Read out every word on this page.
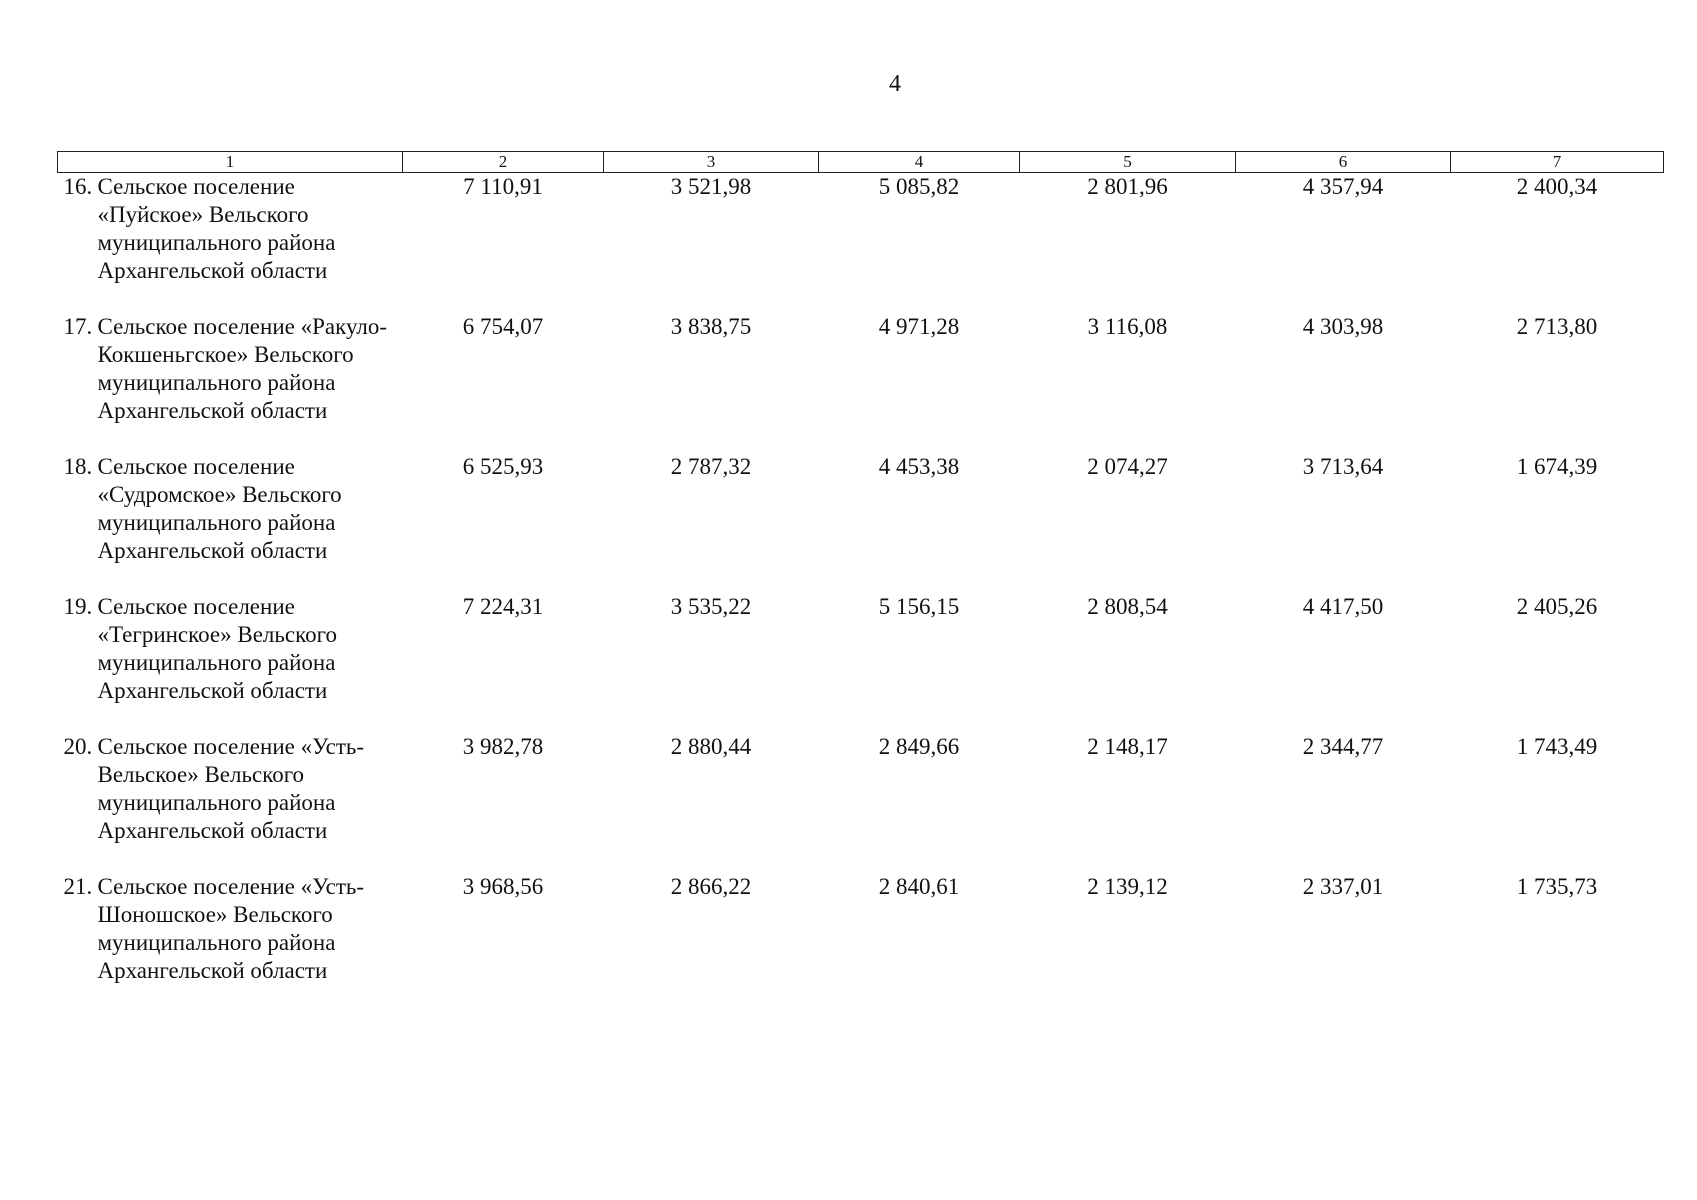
4
1	2	3	4	5	6	7
16. Сельское поселение «Пуйское» Вельского муниципального района Архангельской области	7 110,91	3 521,98	5 085,82	2 801,96	4 357,94	2 400,34
17. Сельское поселение «Ракуло-Кокшеньгское» Вельского муниципального района Архангельской области	6 754,07	3 838,75	4 971,28	3 116,08	4 303,98	2 713,80
18. Сельское поселение «Судромское» Вельского муниципального района Архангельской области	6 525,93	2 787,32	4 453,38	2 074,27	3 713,64	1 674,39
19. Сельское поселение «Тегринское» Вельского муниципального района Архангельской области	7 224,31	3 535,22	5 156,15	2 808,54	4 417,50	2 405,26
20. Сельское поселение «Усть-Вельское» Вельского муниципального района Архангельской области	3 982,78	2 880,44	2 849,66	2 148,17	2 344,77	1 743,49
21. Сельское поселение «Усть-Шоношское» Вельского муниципального района Архангельской области	3 968,56	2 866,22	2 840,61	2 139,12	2 337,01	1 735,73
